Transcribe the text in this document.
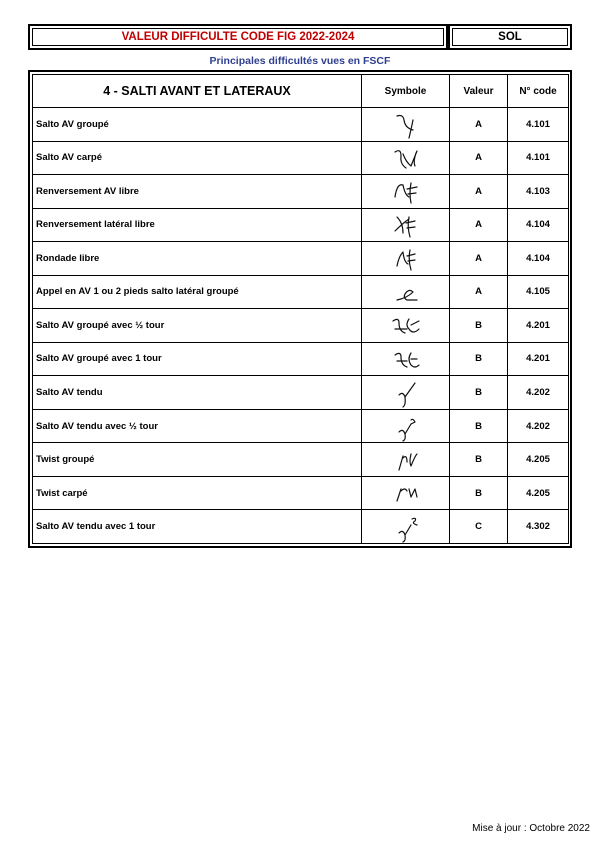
VALEUR DIFFICULTE CODE FIG 2022-2024	SOL
Principales difficultés vues en FSCF
4 - SALTI AVANT ET LATERAUX	Symbole	Valeur	N° code
Salto AV groupé		A	4.101
Salto AV carpé		A	4.101
Renversement AV libre		A	4.103
Renversement latéral libre		A	4.104
Rondade libre		A	4.104
Appel en AV 1 ou 2 pieds salto latéral groupé		A	4.105
Salto AV groupé avec ½ tour		B	4.201
Salto AV groupé avec 1 tour		B	4.201
Salto AV tendu		B	4.202
Salto AV tendu avec ½ tour		B	4.202
Twist groupé		B	4.205
Twist carpé		B	4.205
Salto AV tendu avec 1 tour		C	4.302
Mise à jour : Octobre 2022
